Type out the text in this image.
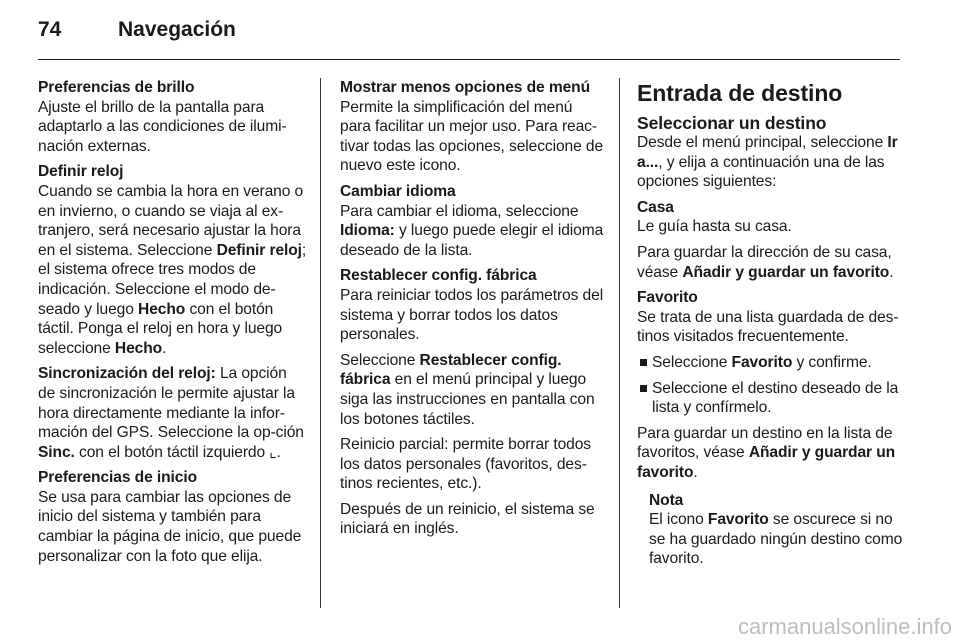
74	Navegación
Preferencias de brillo
Ajuste el brillo de la pantalla para adaptarlo a las condiciones de ilumi-nación externas.
Definir reloj
Cuando se cambia la hora en verano o en invierno, o cuando se viaja al ex-tranjero, será necesario ajustar la hora en el sistema. Seleccione Definir reloj; el sistema ofrece tres modos de indicación. Seleccione el modo de-seado y luego Hecho con el botón táctil. Ponga el reloj en hora y luego seleccione Hecho.
Sincronización del reloj: La opción de sincronización le permite ajustar la hora directamente mediante la infor-mación del GPS. Seleccione la op-ción Sinc. con el botón táctil izquierdo ⌞.
Preferencias de inicio
Se usa para cambiar las opciones de inicio del sistema y también para cambiar la página de inicio, que puede personalizar con la foto que elija.
Mostrar menos opciones de menú
Permite la simplificación del menú para facilitar un mejor uso. Para reac-tivar todas las opciones, seleccione de nuevo este icono.
Cambiar idioma
Para cambiar el idioma, seleccione Idioma: y luego puede elegir el idioma deseado de la lista.
Restablecer config. fábrica
Para reiniciar todos los parámetros del sistema y borrar todos los datos personales.
Seleccione Restablecer config. fábrica en el menú principal y luego siga las instrucciones en pantalla con los botones táctiles.
Reinicio parcial: permite borrar todos los datos personales (favoritos, des-tinos recientes, etc.).
Después de un reinicio, el sistema se iniciará en inglés.
Entrada de destino
Seleccionar un destino
Desde el menú principal, seleccione Ir a..., y elija a continuación una de las opciones siguientes:
Casa
Le guía hasta su casa.
Para guardar la dirección de su casa, véase Añadir y guardar un favorito.
Favorito
Se trata de una lista guardada de des-tinos visitados frecuentemente.
Seleccione Favorito y confirme.
Seleccione el destino deseado de la lista y confírmelo.
Para guardar un destino en la lista de favoritos, véase Añadir y guardar un favorito.
Nota
El icono Favorito se oscurece si no se ha guardado ningún destino como favorito.
carmanualsonline.info
